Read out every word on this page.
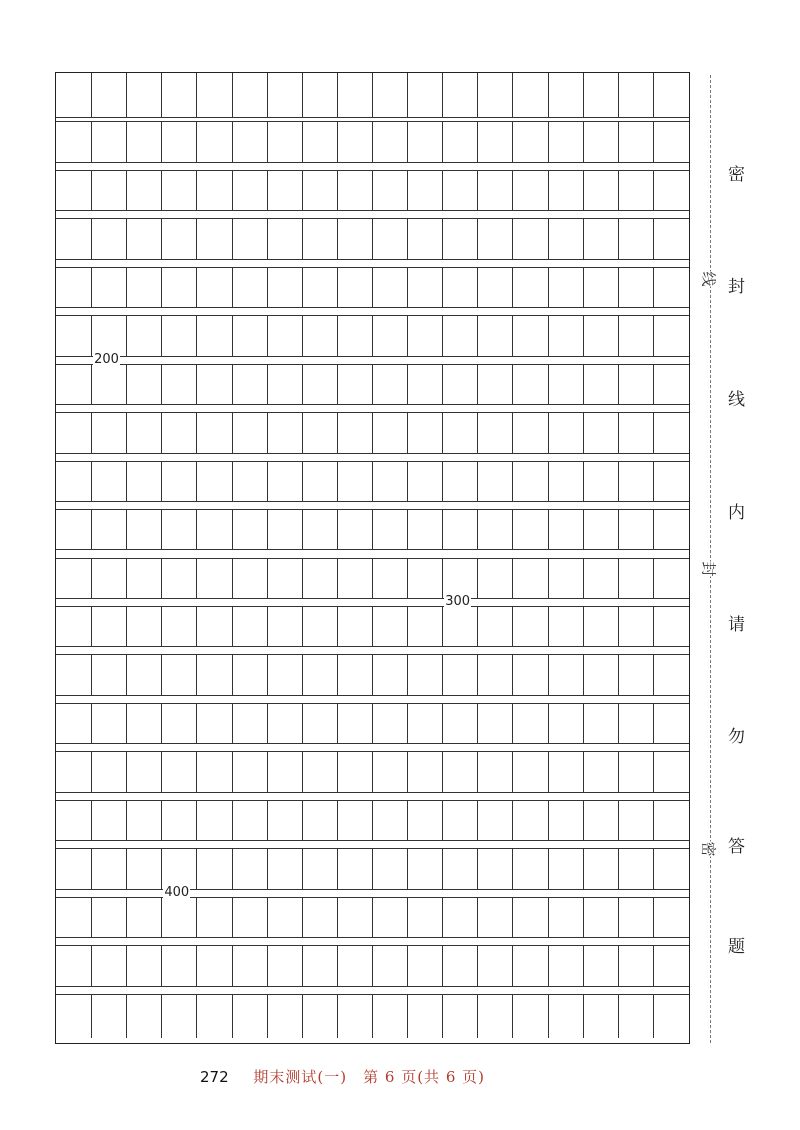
200
300
400
线
封
密
密
封
线
内
请
勿
答
题
272 期末测试(一)　第 6 页(共 6 页)
